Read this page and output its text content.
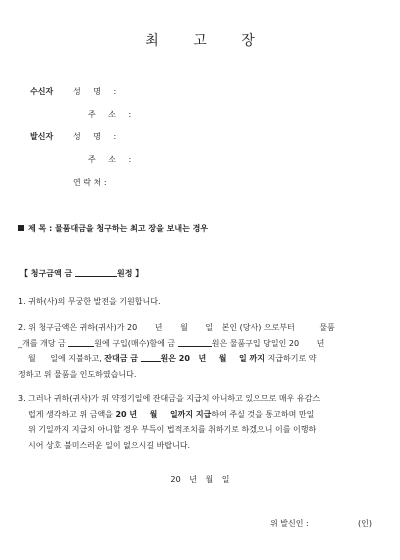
최 고 장
수신자 성 명 :
주 소 :
발신자 성 명 :
주 소 :
연 락 처 :
제 목 : 물품대금을 청구하는 최고 장을 보내는 경우
【 청구금액 금	원정 】
1. 귀하(사)의 무궁한 발전을 기원합니다.
2. 위 청구금액은 귀하(귀사)가 20 년 월 일 본인 (당사) 으로부터	물품
_개를 개당 금	원에 구입(매수)함에 금	원은 물품구입 당일인 20 년
월 일에 지불하고, 잔대금 금	원은 20 년 월 일 까지 지급하기로 약
정하고 위 물품을 인도하였습니다.
3. 그러나 귀하(귀사)가 위 약정기일에 잔대금을 지급치 아니하고 있으므로 매우 유감스
럽게 생각하고 위 금액을 20 년 월 일까지 지급하여 주실 것을 통고하며 만일
위 기일까지 지급치 아니할 경우 부득이 법적조치를 취하기로 하겠으니 이를 이행하
시어 상호 불미스러운 일이 없으시길 바랍니다.
20 년 월 일
위 발신인 :	(인)
